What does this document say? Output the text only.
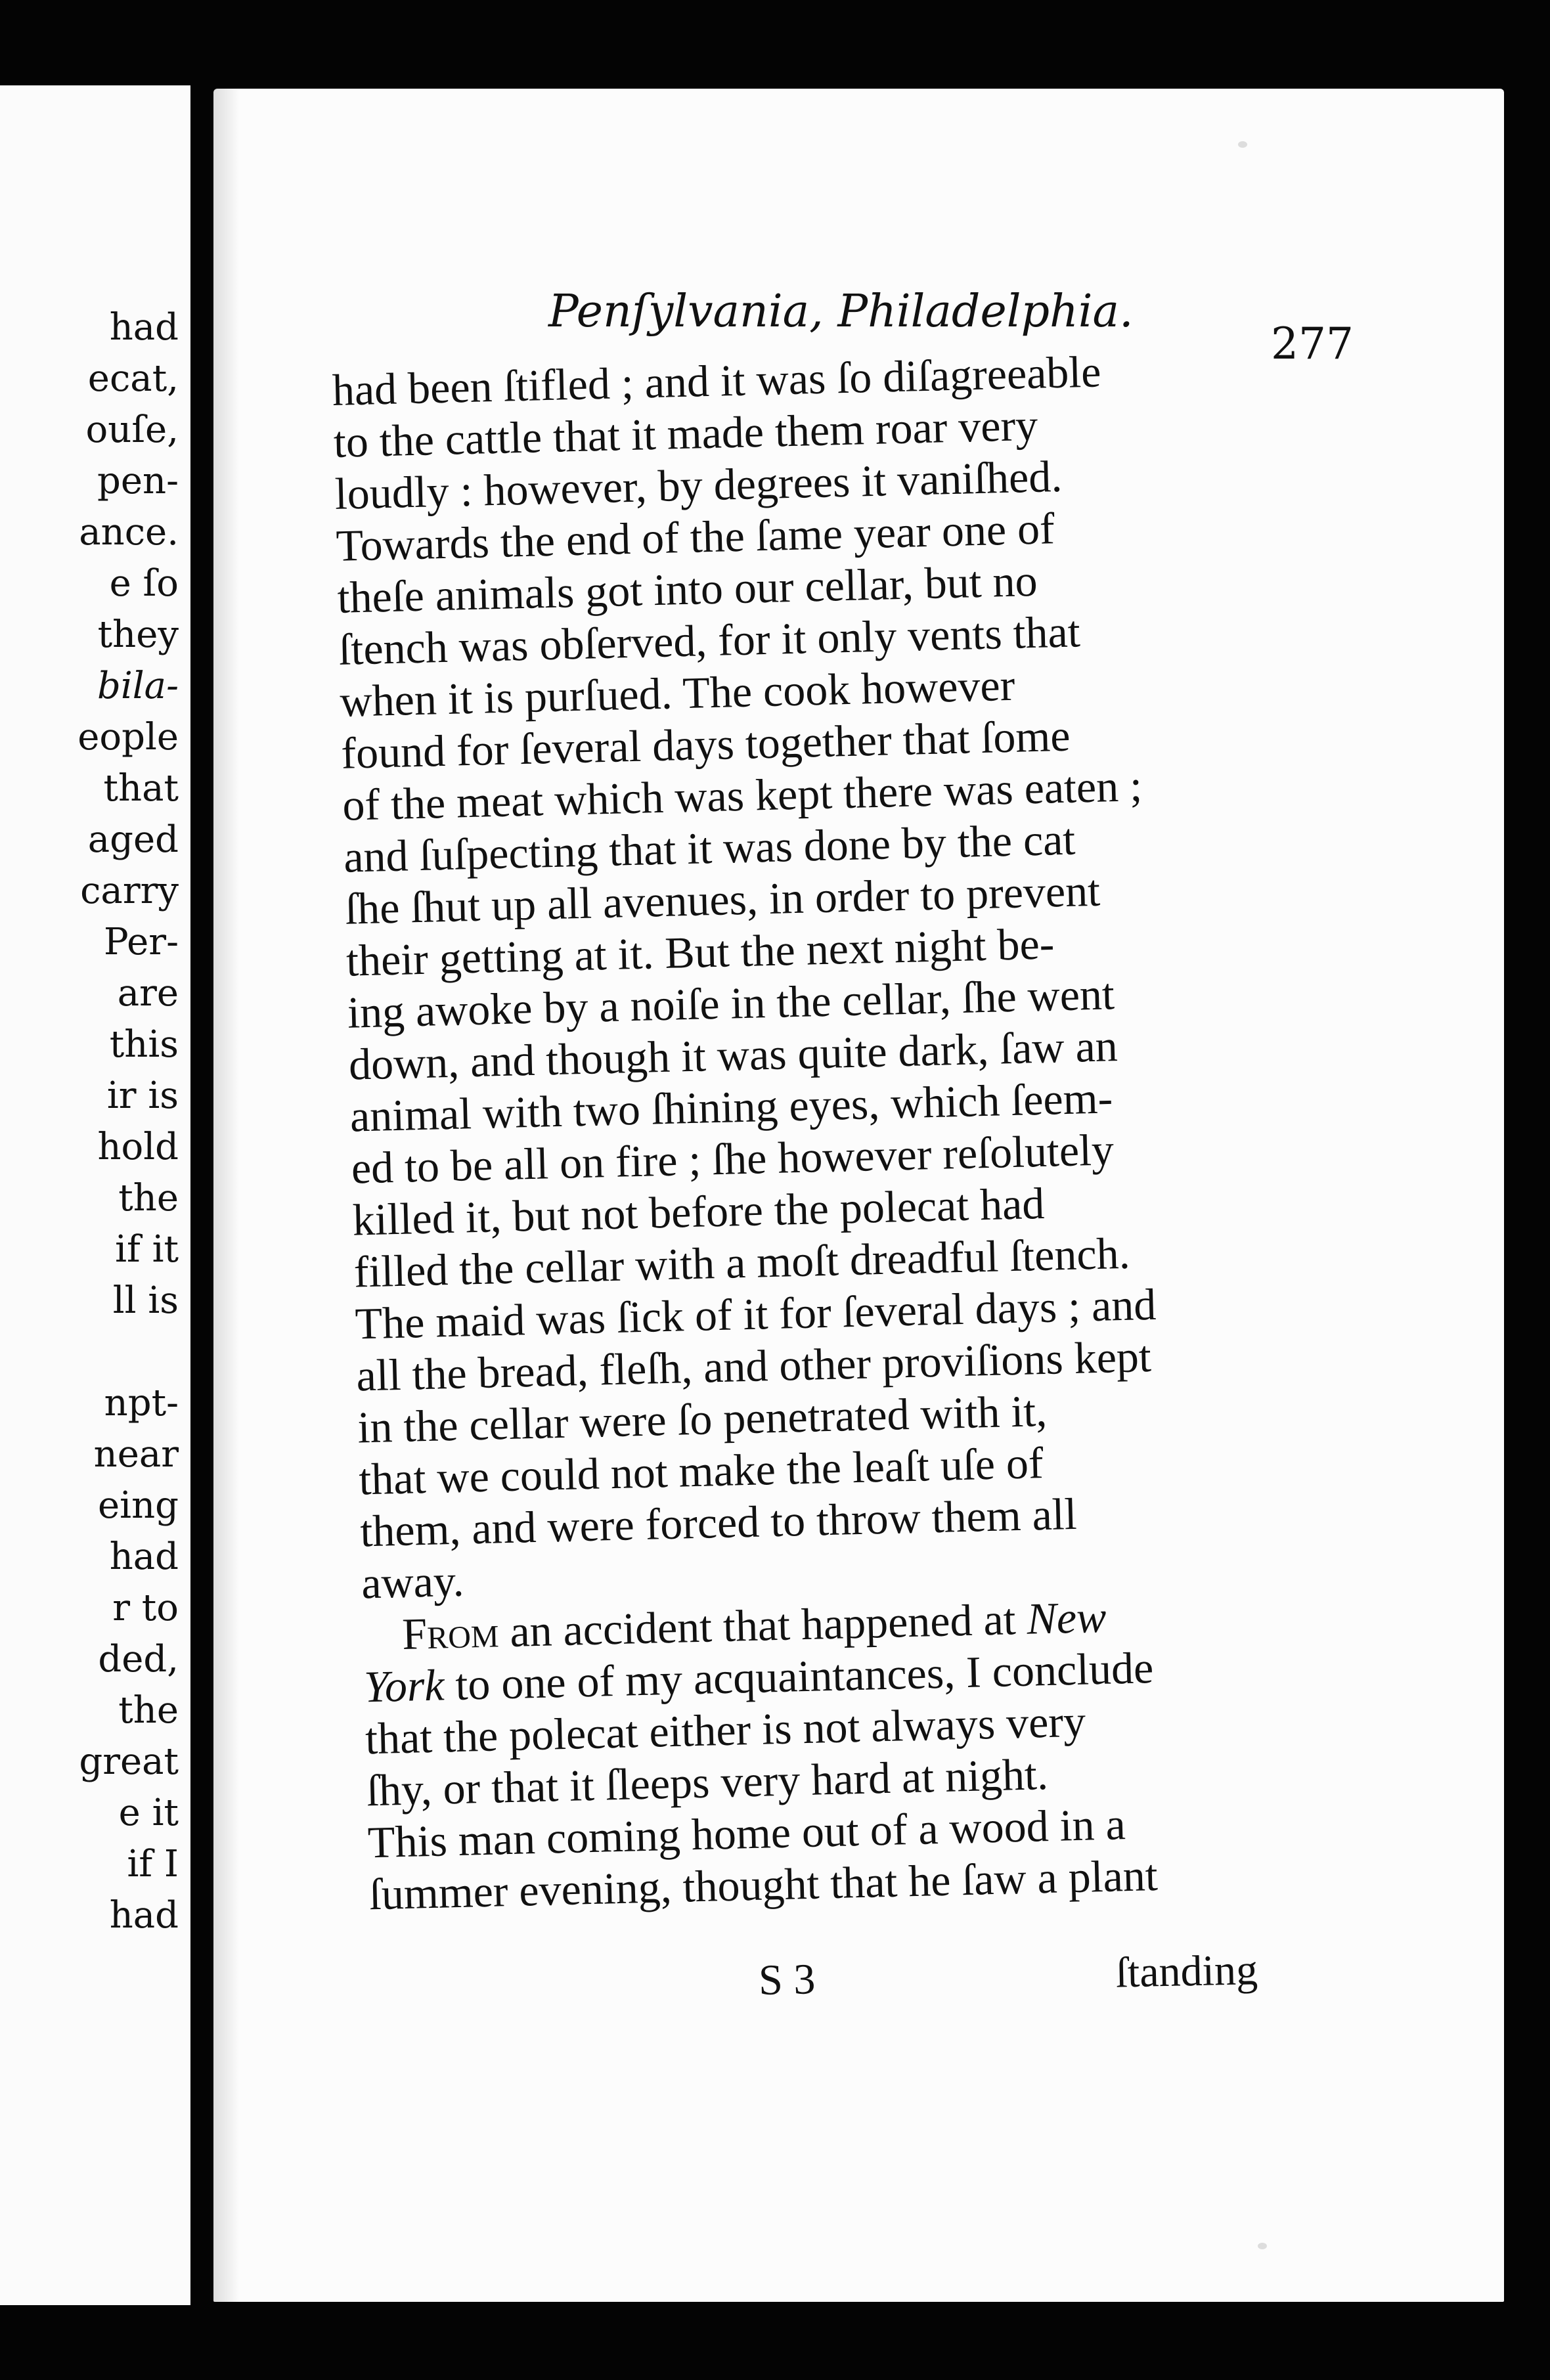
had
ecat,
ouſe,
pen-
ance.
e ſo
they
bila-
eople
that
aged
carry
Per-
are
this
ir is
hold
the
if it
ll is
npt-
near
eing
had
r to
ded,
the
great
e it
if I
had
Penſylvania, Philadelphia.
277
had been ſtifled ; and it was ſo diſagreeable
to the cattle that it made them roar very
loudly : however, by degrees it vaniſhed.
Towards the end of the ſame year one of
theſe animals got into our cellar, but no
ſtench was obſerved, for it only vents that
when it is purſued. The cook however
found for ſeveral days together that ſome
of the meat which was kept there was eaten ;
and ſuſpecting that it was done by the cat
ſhe ſhut up all avenues, in order to prevent
their getting at it. But the next night be-
ing awoke by a noiſe in the cellar, ſhe went
down, and though it was quite dark, ſaw an
animal with two ſhining eyes, which ſeem-
ed to be all on fire ; ſhe however reſolutely
killed it, but not before the polecat had
filled the cellar with a moſt dreadful ſtench.
The maid was ſick of it for ſeveral days ; and
all the bread, fleſh, and other proviſions kept
in the cellar were ſo penetrated with it,
that we could not make the leaſt uſe of
them, and were forced to throw them all
away.
From an accident that happened at New
York to one of my acquaintances, I conclude
that the polecat either is not always very
ſhy, or that it ſleeps very hard at night.
This man coming home out of a wood in a
ſummer evening, thought that he ſaw a plant
S 3	ſtanding
